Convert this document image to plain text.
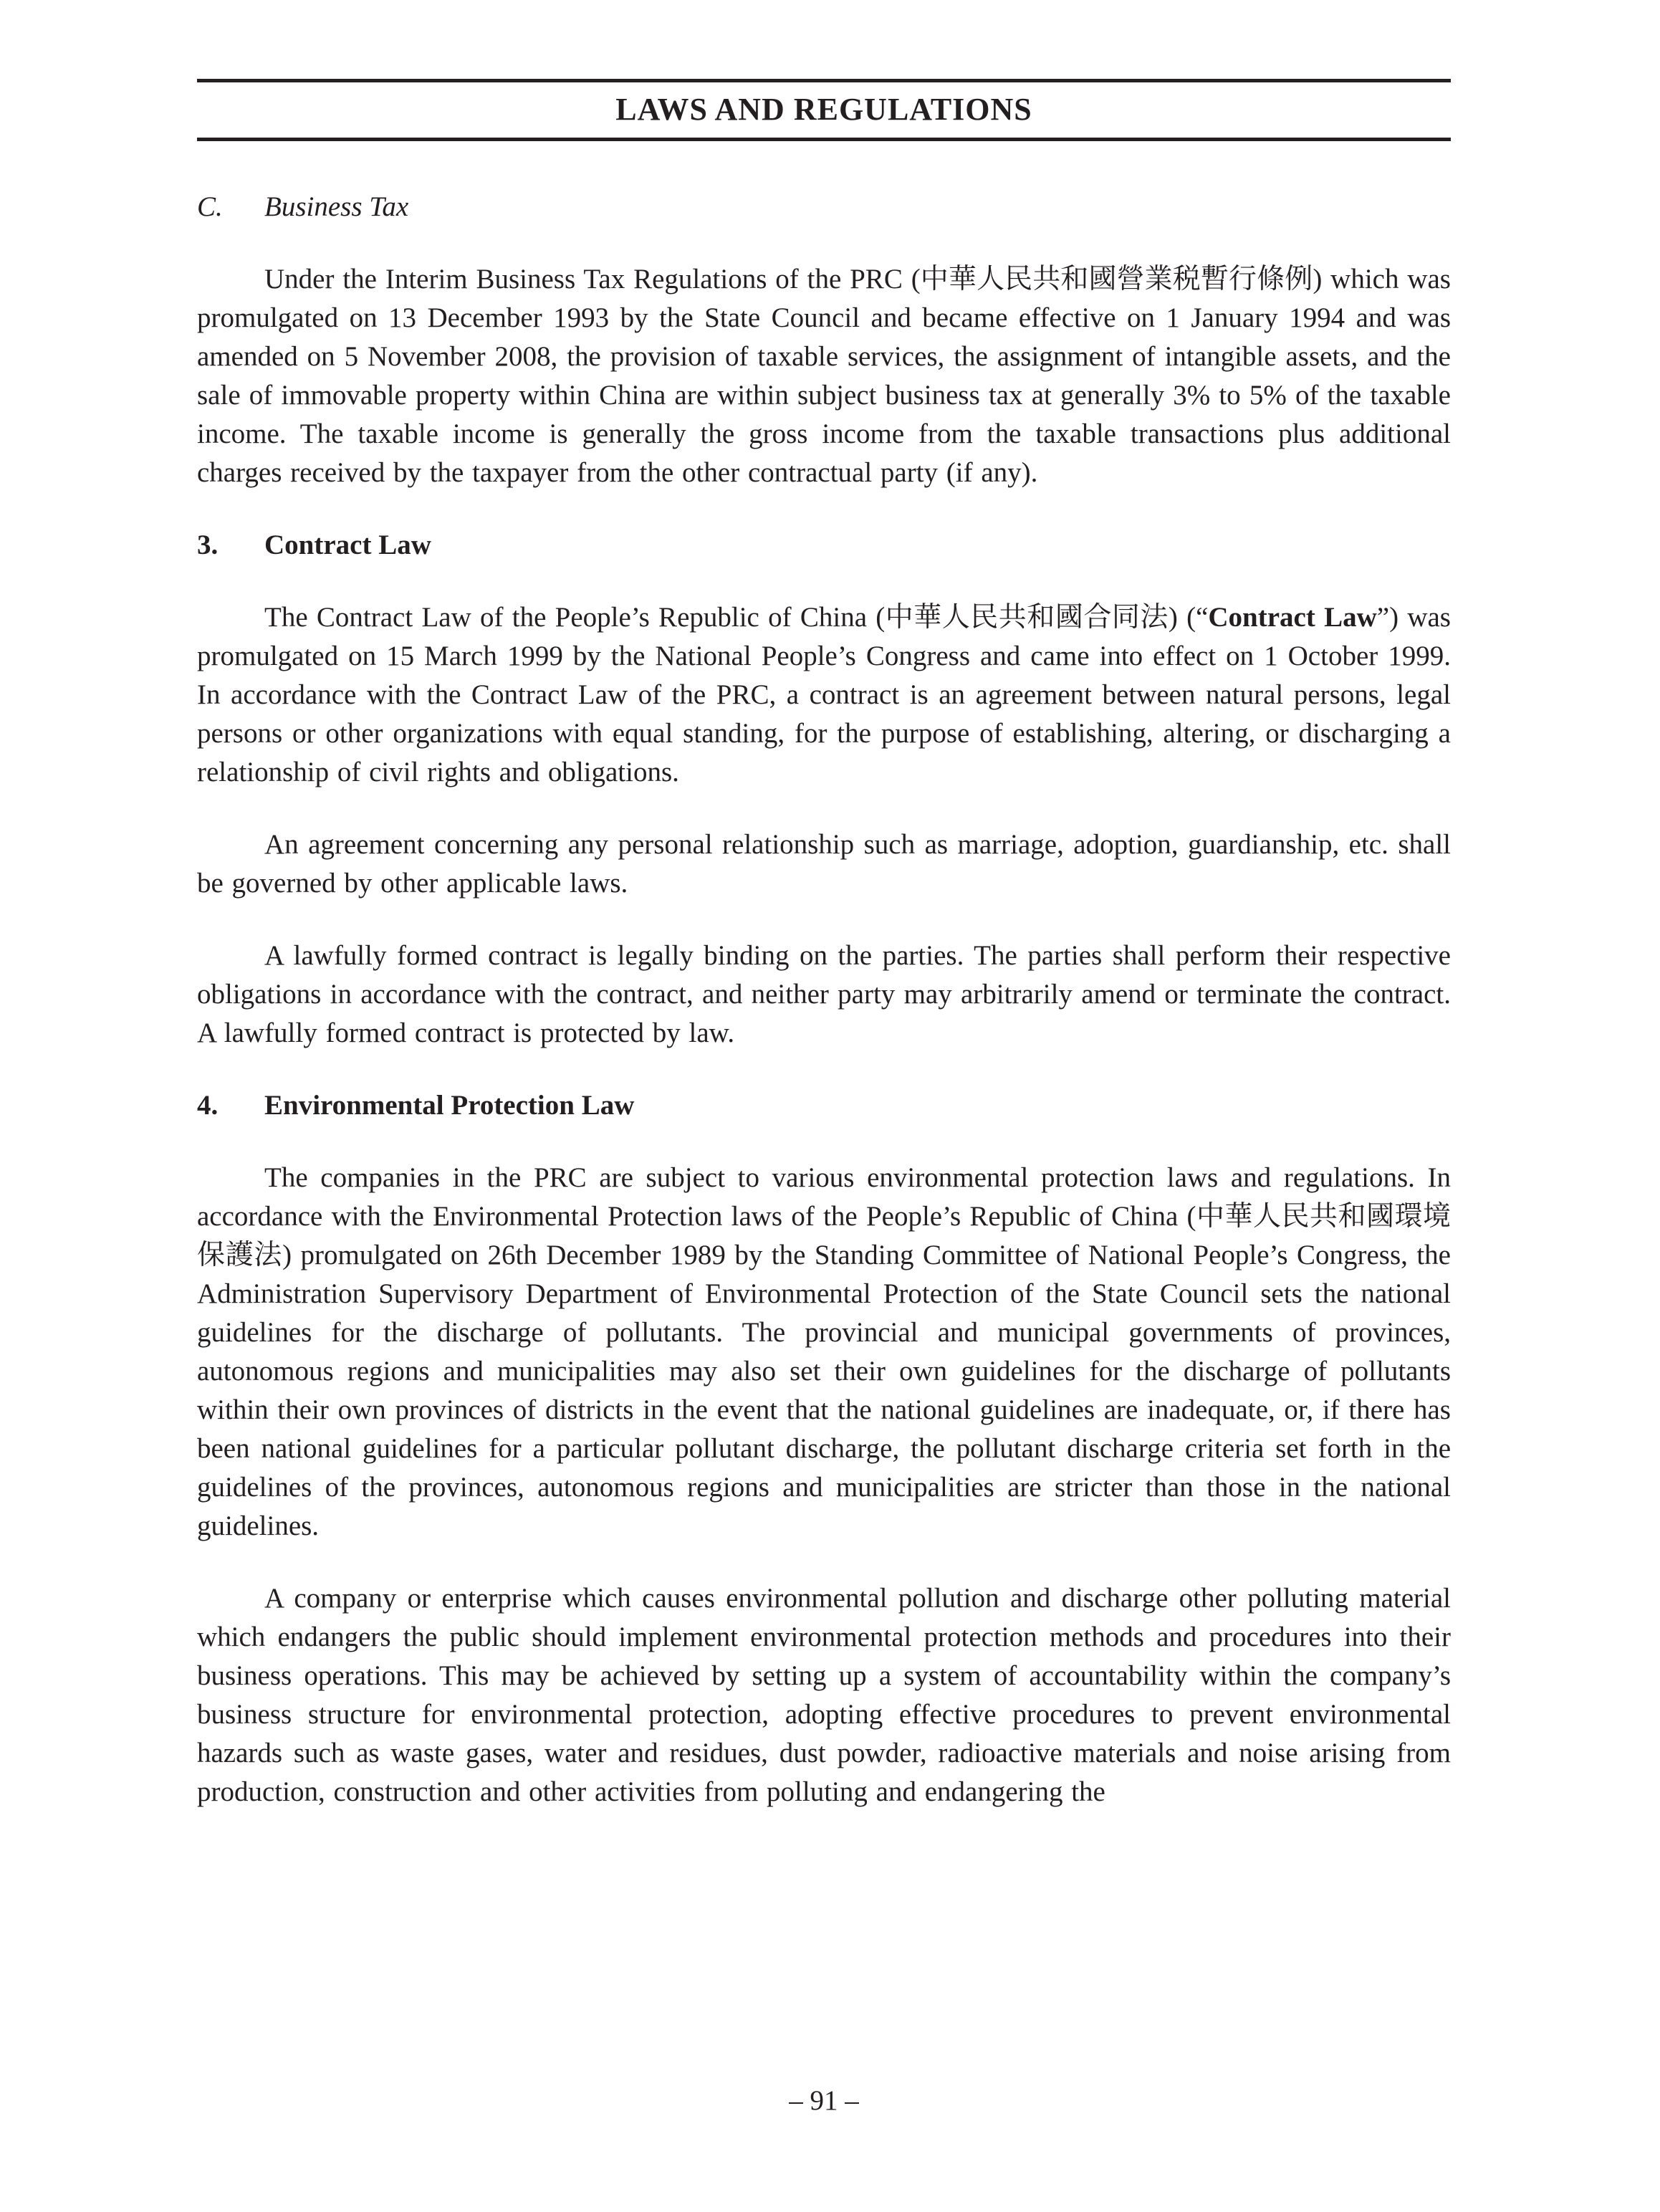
LAWS AND REGULATIONS
C. Business Tax

Under the Interim Business Tax Regulations of the PRC (中華人民共和國營業税暫行條例) which was promulgated on 13 December 1993 by the State Council and became effective on 1 January 1994 and was amended on 5 November 2008, the provision of taxable services, the assignment of intangible assets, and the sale of immovable property within China are within subject business tax at generally 3% to 5% of the taxable income. The taxable income is generally the gross income from the taxable transactions plus additional charges received by the taxpayer from the other contractual party (if any).

3. Contract Law

The Contract Law of the People’s Republic of China (中華人民共和國合同法) (“Contract Law”) was promulgated on 15 March 1999 by the National People’s Congress and came into effect on 1 October 1999. In accordance with the Contract Law of the PRC, a contract is an agreement between natural persons, legal persons or other organizations with equal standing, for the purpose of establishing, altering, or discharging a relationship of civil rights and obligations.

An agreement concerning any personal relationship such as marriage, adoption, guardianship, etc. shall be governed by other applicable laws.

A lawfully formed contract is legally binding on the parties. The parties shall perform their respective obligations in accordance with the contract, and neither party may arbitrarily amend or terminate the contract. A lawfully formed contract is protected by law.

4. Environmental Protection Law

The companies in the PRC are subject to various environmental protection laws and regulations. In accordance with the Environmental Protection laws of the People’s Republic of China (中華人民共和國環境保護法) promulgated on 26th December 1989 by the Standing Committee of National People’s Congress, the Administration Supervisory Department of Environmental Protection of the State Council sets the national guidelines for the discharge of pollutants. The provincial and municipal governments of provinces, autonomous regions and municipalities may also set their own guidelines for the discharge of pollutants within their own provinces of districts in the event that the national guidelines are inadequate, or, if there has been national guidelines for a particular pollutant discharge, the pollutant discharge criteria set forth in the guidelines of the provinces, autonomous regions and municipalities are stricter than those in the national guidelines.

A company or enterprise which causes environmental pollution and discharge other polluting material which endangers the public should implement environmental protection methods and procedures into their business operations. This may be achieved by setting up a system of accountability within the company’s business structure for environmental protection, adopting effective procedures to prevent environmental hazards such as waste gases, water and residues, dust powder, radioactive materials and noise arising from production, construction and other activities from polluting and endangering the

– 91 –
